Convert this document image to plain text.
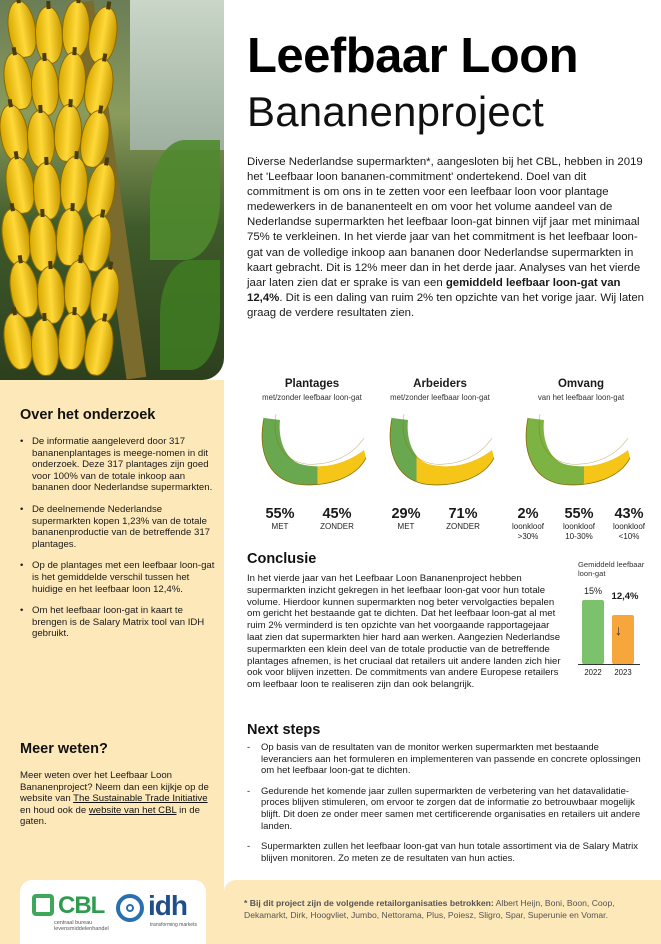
Leefbaar Loon
Bananenproject
Diverse Nederlandse supermarkten*, aangesloten bij het CBL, hebben in 2019 het 'Leefbaar loon bananen-commitment' ondertekend. Doel van dit commitment is om ons in te zetten voor een leefbaar loon voor plantage medewerkers in de bananenteelt en om voor het volume aandeel van de Nederlandse supermarkten het leefbaar loon-gat binnen vijf jaar met minimaal 75% te verkleinen. In het vierde jaar van het commitment is het leefbaar loon-gat van de volledige inkoop aan bananen door Nederlandse supermarkten in kaart gebracht. Dit is 12% meer dan in het derde jaar. Analyses van het vierde jaar laten zien dat er sprake is van een gemiddeld leefbaar loon-gat van 12,4%. Dit is een daling van ruim 2% ten opzichte van het vorige jaar. Wij laten graag de verdere resultaten zien.
Plantages
met/zonder leefbaar loon-gat
55%
MET
45%
ZONDER
Arbeiders
met/zonder leefbaar loon-gat
29%
MET
71%
ZONDER
Omvang
van het leefbaar loon-gat
2%
loonkloof
>30%
55%
loonkloof
10-30%
43%
loonkloof
<10%
Conclusie
In het vierde jaar van het Leefbaar Loon Bananenproject hebben supermarkten inzicht gekregen in het leefbaar loon-gat voor hun totale volume. Hierdoor kunnen supermarkten nog beter vervolgacties bepalen om gericht het bestaande gat te dichten. Dat het leefbaar loon-gat al met ruim 2% verminderd is ten opzichte van het voorgaande rapportagejaar laat zien dat supermarkten hier hard aan werken. Aangezien Nederlandse supermarkten een klein deel van de totale productie van de betreffende plantages afnemen, is het cruciaal dat retailers uit andere landen zich hier ook voor blijven inzetten. De commitments van andere Europese retailers om leefbaar loon te realiseren zijn dan ook belangrijk.
Gemiddeld leefbaar loon-gat
15%	12,4%
↓
2022	2023
Next steps
- Op basis van de resultaten van de monitor werken supermarkten met bestaande leveranciers aan het formuleren en implementeren van passende en concrete oplossingen om het leefbaar loon-gat te dichten.
- Gedurende het komende jaar zullen supermarkten de verbetering van het datavalidatie-proces blijven stimuleren, om ervoor te zorgen dat de informatie zo betrouwbaar mogelijk blijft. Dit doen ze onder meer samen met certificerende organisaties en retailers uit andere landen.
- Supermarkten zullen het leefbaar loon-gat van hun totale assortiment via de Salary Matrix blijven monitoren. Zo meten ze de resultaten van hun acties.
Over het onderzoek
• De informatie aangeleverd door 317 bananenplantages is meege-nomen in dit onderzoek. Deze 317 plantages zijn goed voor 100% van de totale inkoop aan bananen door Nederlandse supermarkten.
• De deelnemende Nederlandse supermarkten kopen 1,23% van de totale bananenproductie van de betreffende 317 plantages.
• Op de plantages met een leefbaar loon-gat is het gemiddelde verschil tussen het huidige en het leefbaar loon 12,4%.
• Om het leefbaar loon-gat in kaart te brengen is de Salary Matrix tool van IDH gebruikt.
Meer weten?
Meer weten over het Leefbaar Loon Bananenproject? Neem dan een kijkje op de website van The Sustainable Trade Initiative en houd ook de website van het CBL in de gaten.
CBL
centraal bureau levensmiddelenhandel
idh
transforming markets
* Bij dit project zijn de volgende retailorganisaties betrokken: Albert Heijn, Boni, Boon, Coop, Dekamarkt, Dirk, Hoogvliet, Jumbo, Nettorama, Plus, Poiesz, Sligro, Spar, Superunie en Vomar.
